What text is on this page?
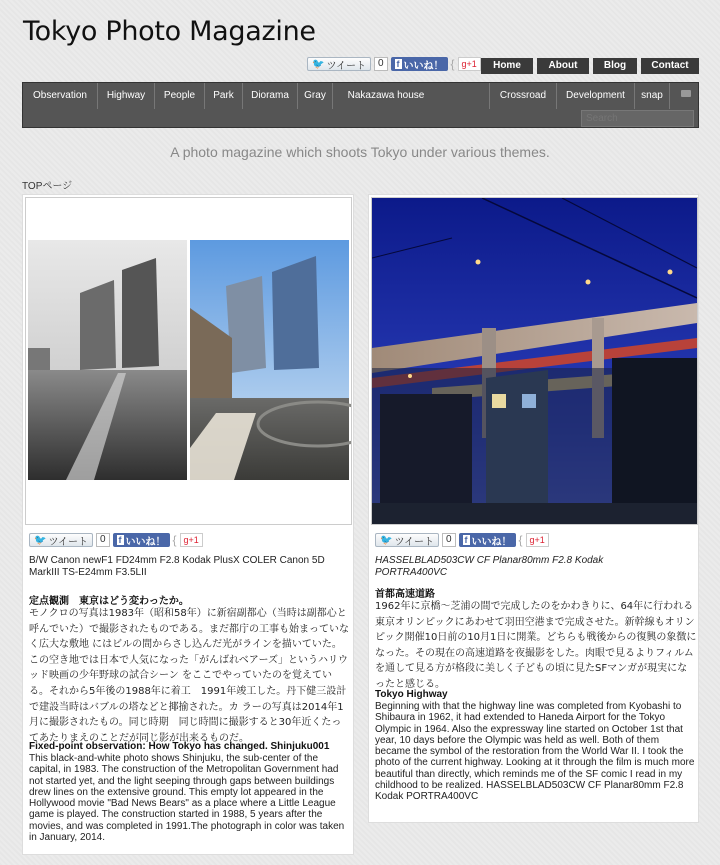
Tokyo Photo Magazine
🐦 ツイート	0	f いいね！ { g+1	Home	About	Blog	Contact
Observation	Highway	People	Park	Diorama	Gray	Nakazawa house	Crossroad	Development	snap
Search
A photo magazine which shoots Tokyo under various themes.
TOPページ
🐦 ツイート	0	f いいね！ { g+1
B/W Canon newF1 FD24mm F2.8 Kodak PlusX COLER Canon 5D MarkIII TS-E24mm F3.5LII
定点観測　東京はどう変わったか。
モノクロの写真は1983年（昭和58年）に新宿副都心（当時は副都心と呼んでいた）で撮影されたものである。まだ都庁の工事も始まっていなく広大な敷地 にはビルの間からさし込んだ光がラインを描いていた。この空き地では日本で人気になった「がんばれベアーズ」というハリウッド映画の少年野球の試合シーン をここでやっていたのを覚えている。それから5年後の1988年に着工　1991年竣工した。丹下健三設計で建設当時はバブルの塔などと揶揄された。カ ラーの写真は2014年1月に撮影されたもの。同じ時期　同じ時間に撮影すると30年近くたってあたりまえのことだが同じ影が出来るものだ。
Fixed-point observation: How Tokyo has changed. Shinjuku001
This black-and-white photo shows Shinjuku, the sub-center of the capital, in 1983. The construction of the Metropolitan Government had not started yet, and the light seeping through gaps between buildings drew lines on the extensive ground. This empty lot appeared in the Hollywood movie "Bad News Bears" as a place where a Little League game is played. The construction started in 1988, 5 years after the movies, and was completed in 1991.The photograph in color was taken in January, 2014.
🐦 ツイート	0	f いいね！ { g+1
HASSELBLAD503CW CF Planar80mm F2.8 Kodak PORTRA400VC
首都高速道路
1962年に京橋〜芝浦の間で完成したのをかわきりに、64年に行われる東京オリンピックにあわせて羽田空港まで完成させた。新幹線もオリンピック開催10日前の10月1日に開業。どちらも戦後からの復興の象徴になった。その現在の高速道路を夜撮影をした。肉眼で見るよりフィルムを通して見る方が格段に美しく子どもの頃に見たSFマンガが現実になったと感じる。
Tokyo Highway
Beginning with that the highway line was completed from Kyobashi to Shibaura in 1962, it had extended to Haneda Airport for the Tokyo Olympic in 1964. Also the expressway line started on October 1st that year, 10 days before the Olympic was held as well. Both of them became the symbol of the restoration from the World War II. I took the photo of the current highway. Looking at it through the film is much more beautiful than directly, which reminds me of the SF comic I read in my childhood to be realized. HASSELBLAD503CW CF Planar80mm F2.8 Kodak PORTRA400VC
